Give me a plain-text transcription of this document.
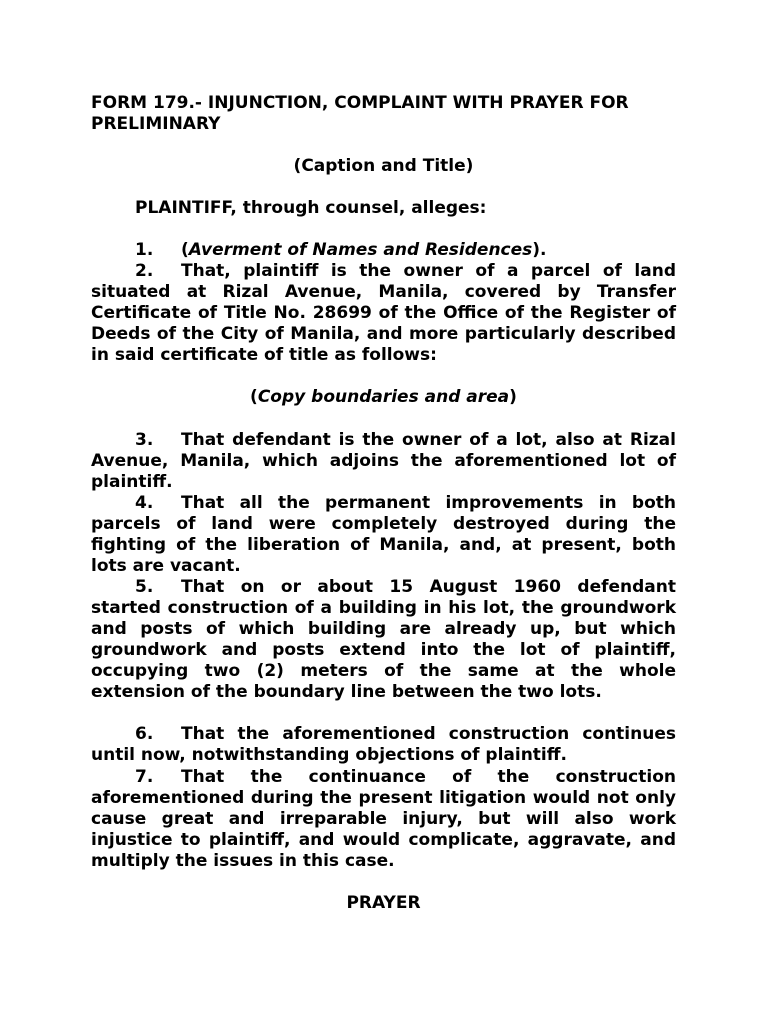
FORM 179.- INJUNCTION, COMPLAINT WITH PRAYER FOR PRELIMINARY

(Caption and Title)

PLAINTIFF, through counsel, alleges:

1. (Averment of Names and Residences).

2. That, plaintiff is the owner of a parcel of land situated at Rizal Avenue, Manila, covered by Transfer Certificate of Title No. 28699 of the Office of the Register of Deeds of the City of Manila, and more particularly described in said certificate of title as follows:

(Copy boundaries and area)

3. That defendant is the owner of a lot, also at Rizal Avenue, Manila, which adjoins the aforementioned lot of plaintiff.

4. That all the permanent improvements in both parcels of land were completely destroyed during the fighting of the liberation of Manila, and, at present, both lots are vacant.

5. That on or about 15 August 1960 defendant started construction of a building in his lot, the groundwork and posts of which building are already up, but which groundwork and posts extend into the lot of plaintiff, occupying two (2) meters of the same at the whole extension of the boundary line between the two lots.

6. That the aforementioned construction continues until now, notwithstanding objections of plaintiff.

7. That the continuance of the construction aforementioned during the present litigation would not only cause great and irreparable injury, but will also work injustice to plaintiff, and would complicate, aggravate, and multiply the issues in this case.

PRAYER
